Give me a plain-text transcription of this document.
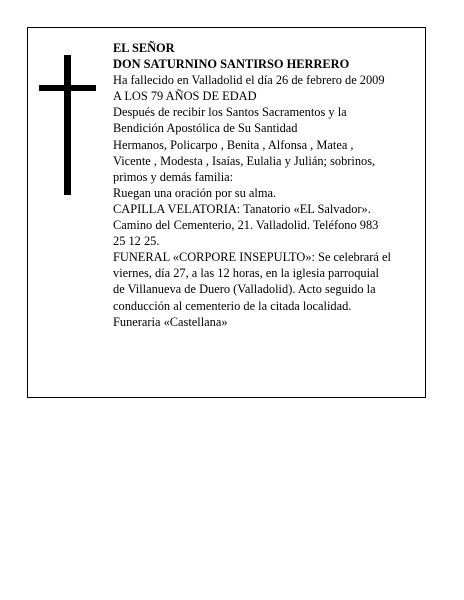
EL SEÑOR
DON SATURNINO SANTIRSO HERRERO
Ha fallecido en Valladolid el día 26 de febrero de 2009
A LOS 79 AÑOS DE EDAD
Después de recibir los Santos Sacramentos y la
Bendición Apostólica de Su Santidad
Hermanos, Policarpo , Benita , Alfonsa , Matea ,
Vicente , Modesta , Isaías, Eulalia y Julián; sobrinos,
primos y demás familia:
Ruegan una oración por su alma.
CAPILLA VELATORIA: Tanatorio «EL Salvador».
Camino del Cementerio, 21. Valladolid. Teléfono 983
25 12 25.
FUNERAL «CORPORE INSEPULTO»: Se celebrará el
viernes, día 27, a las 12 horas, en la iglesia parroquial
de Villanueva de Duero (Valladolid). Acto seguido la
conducción al cementerio de la citada localidad.
Funeraria «Castellana»
